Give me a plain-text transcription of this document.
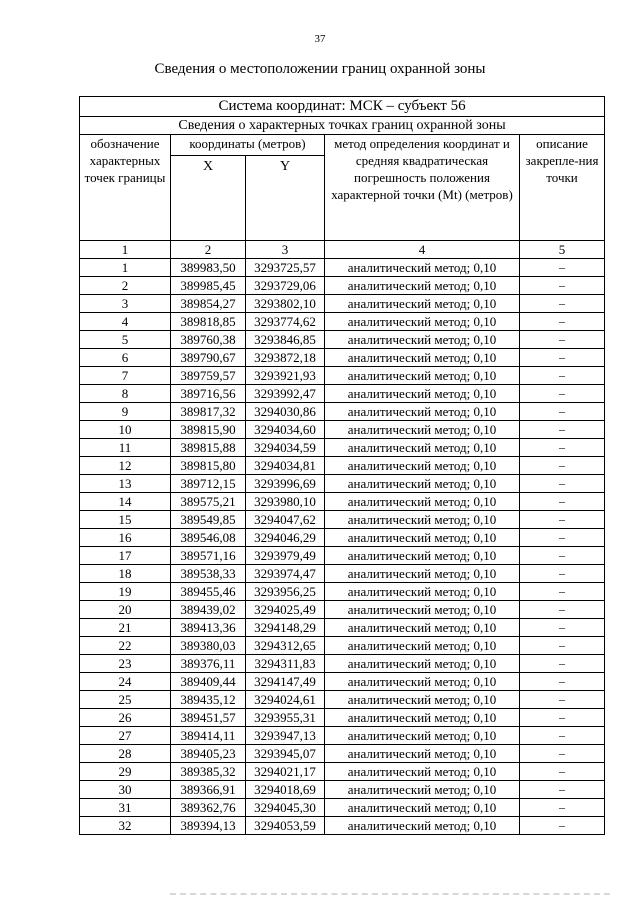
37
Сведения о местоположении границ охранной зоны
Система координат: МСК – субъект 56				
Сведения о характерных точках границ охранной зоны				
обозначение характерных точек границы	координаты (метров)		метод определения координат и средняя квадратическая погрешность положения характерной точки (Mt) (метров)	описание закрепле-ния точки
	X	Y		
1	2	3	4	5
1	389983,50	3293725,57	аналитический метод; 0,10	–
2	389985,45	3293729,06	аналитический метод; 0,10	–
3	389854,27	3293802,10	аналитический метод; 0,10	–
4	389818,85	3293774,62	аналитический метод; 0,10	–
5	389760,38	3293846,85	аналитический метод; 0,10	–
6	389790,67	3293872,18	аналитический метод; 0,10	–
7	389759,57	3293921,93	аналитический метод; 0,10	–
8	389716,56	3293992,47	аналитический метод; 0,10	–
9	389817,32	3294030,86	аналитический метод; 0,10	–
10	389815,90	3294034,60	аналитический метод; 0,10	–
11	389815,88	3294034,59	аналитический метод; 0,10	–
12	389815,80	3294034,81	аналитический метод; 0,10	–
13	389712,15	3293996,69	аналитический метод; 0,10	–
14	389575,21	3293980,10	аналитический метод; 0,10	–
15	389549,85	3294047,62	аналитический метод; 0,10	–
16	389546,08	3294046,29	аналитический метод; 0,10	–
17	389571,16	3293979,49	аналитический метод; 0,10	–
18	389538,33	3293974,47	аналитический метод; 0,10	–
19	389455,46	3293956,25	аналитический метод; 0,10	–
20	389439,02	3294025,49	аналитический метод; 0,10	–
21	389413,36	3294148,29	аналитический метод; 0,10	–
22	389380,03	3294312,65	аналитический метод; 0,10	–
23	389376,11	3294311,83	аналитический метод; 0,10	–
24	389409,44	3294147,49	аналитический метод; 0,10	–
25	389435,12	3294024,61	аналитический метод; 0,10	–
26	389451,57	3293955,31	аналитический метод; 0,10	–
27	389414,11	3293947,13	аналитический метод; 0,10	–
28	389405,23	3293945,07	аналитический метод; 0,10	–
29	389385,32	3294021,17	аналитический метод; 0,10	–
30	389366,91	3294018,69	аналитический метод; 0,10	–
31	389362,76	3294045,30	аналитический метод; 0,10	–
32	389394,13	3294053,59	аналитический метод; 0,10	–
